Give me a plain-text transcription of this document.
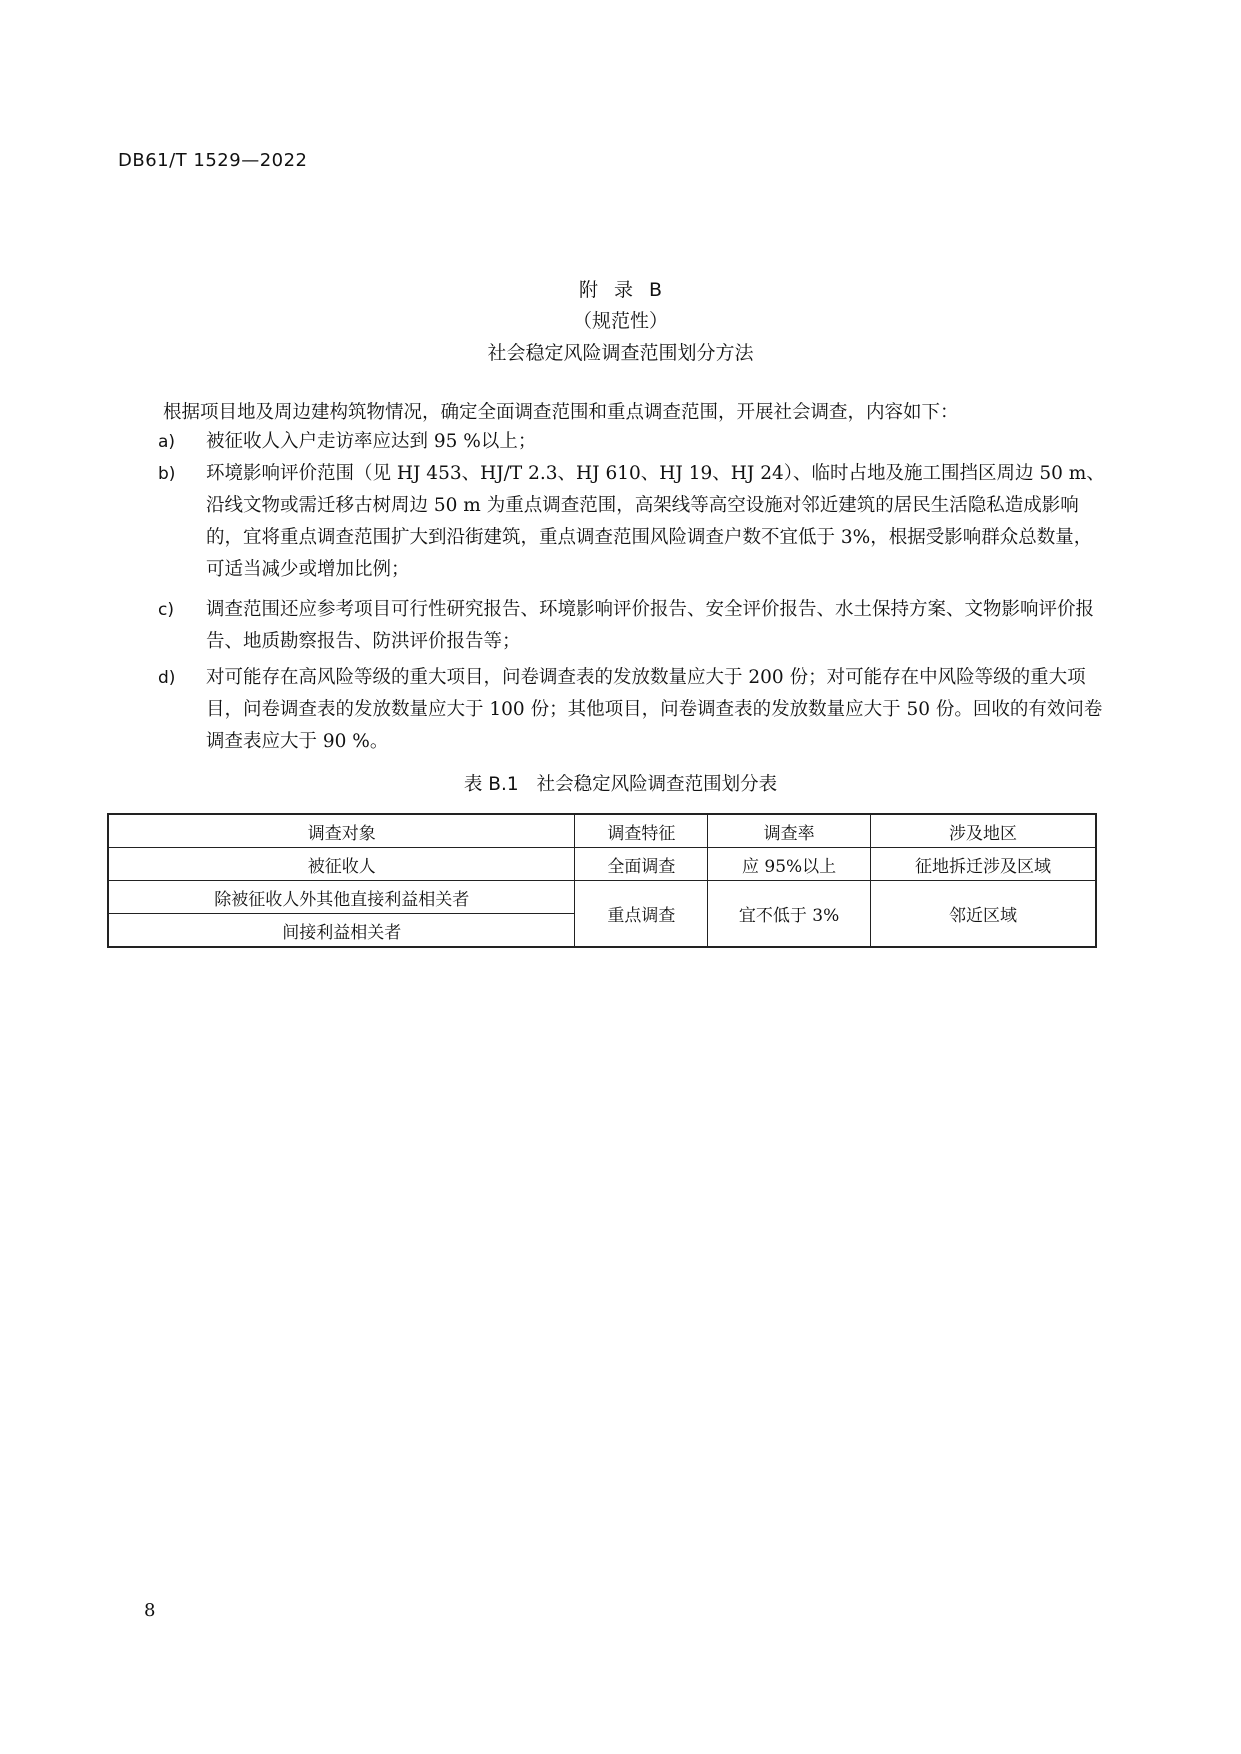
DB61/T 1529—2022
附 录 B
（规范性）
社会稳定风险调查范围划分方法
根据项目地及周边建构筑物情况，确定全面调查范围和重点调查范围，开展社会调查，内容如下：
a)	被征收人入户走访率应达到 95 %以上；
b)	环境影响评价范围（见 HJ 453、HJ/T 2.3、HJ 610、HJ 19、HJ 24）、临时占地及施工围挡区周边 50 m、沿线文物或需迁移古树周边 50 m 为重点调查范围，高架线等高空设施对邻近建筑的居民生活隐私造成影响的，宜将重点调查范围扩大到沿街建筑，重点调查范围风险调查户数不宜低于 3%，根据受影响群众总数量，可适当减少或增加比例；
c)	调查范围还应参考项目可行性研究报告、环境影响评价报告、安全评价报告、水土保持方案、文物影响评价报告、地质勘察报告、防洪评价报告等；
d)	对可能存在高风险等级的重大项目，问卷调查表的发放数量应大于 200 份；对可能存在中风险等级的重大项目，问卷调查表的发放数量应大于 100 份；其他项目，问卷调查表的发放数量应大于 50 份。回收的有效问卷调查表应大于 90 %。
表 B.1 社会稳定风险调查范围划分表
调查对象	调查特征	调查率	涉及地区
被征收人	全面调查	应 95%以上	征地拆迁涉及区域
除被征收人外其他直接利益相关者	重点调查	宜不低于 3%	邻近区域
间接利益相关者			
8
